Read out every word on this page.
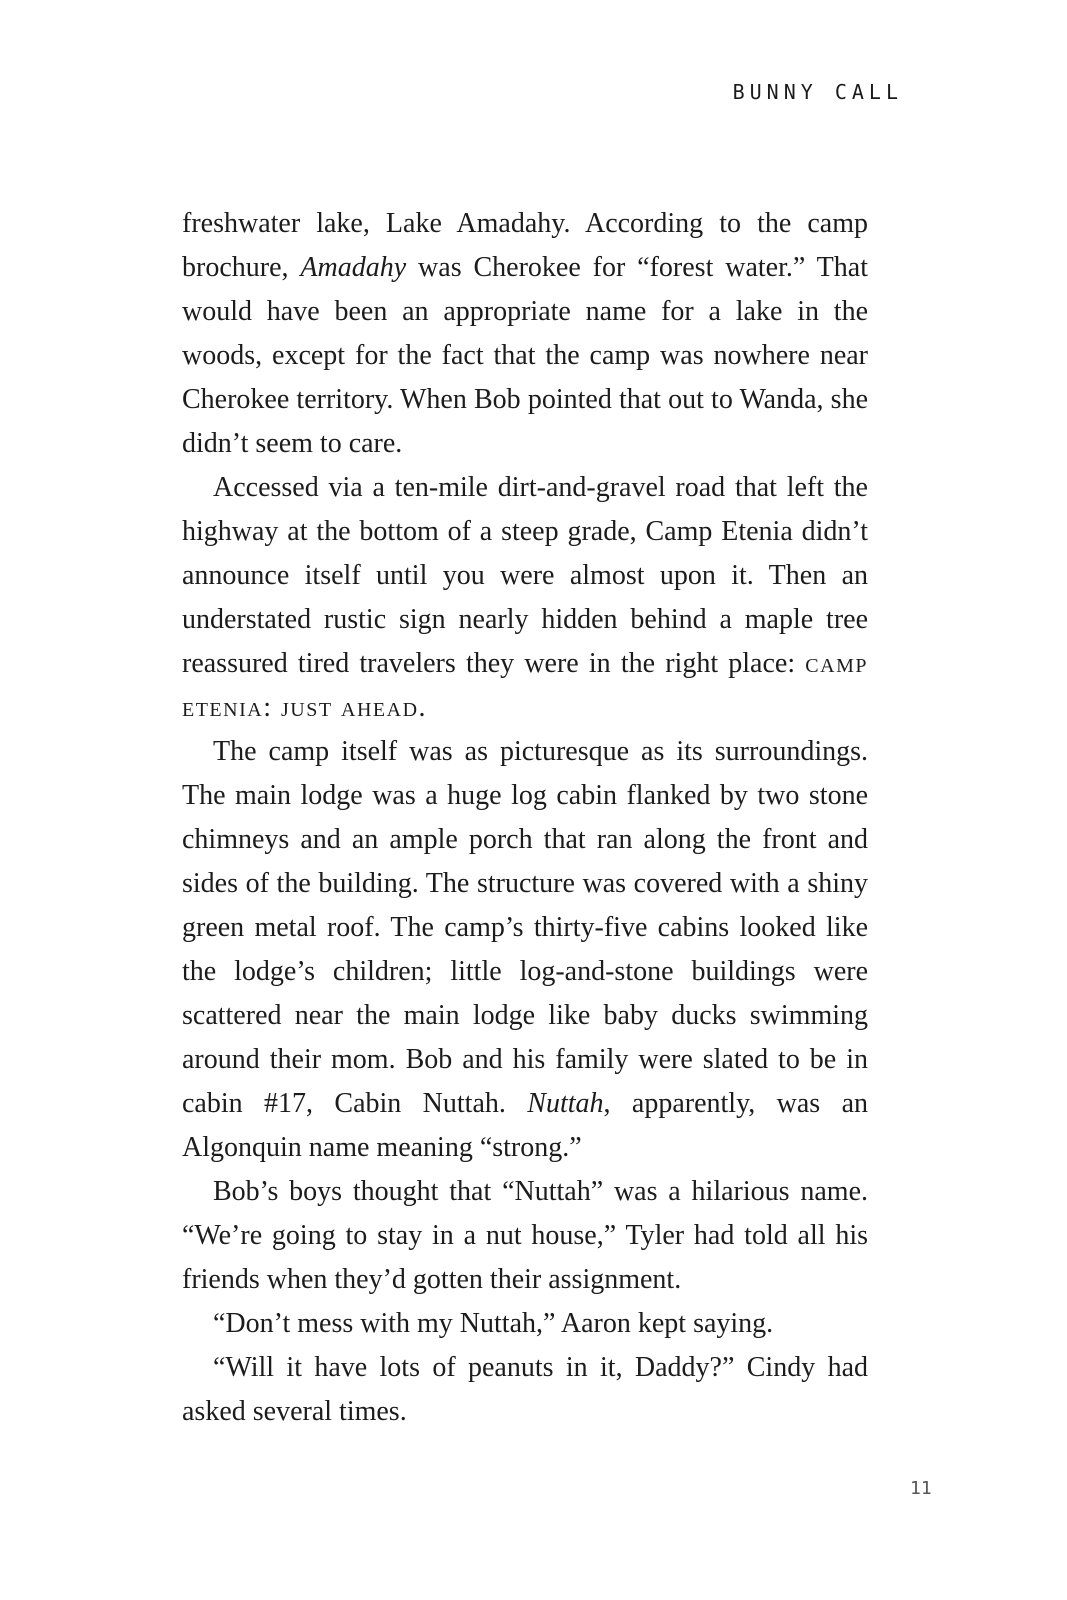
BUNNY CALL

freshwater lake, Lake Amadahy. According to the camp brochure, Amadahy was Cherokee for “forest water.” That would have been an appropriate name for a lake in the woods, except for the fact that the camp was nowhere near Cherokee territory. When Bob pointed that out to Wanda, she didn’t seem to care.

Accessed via a ten-mile dirt-and-gravel road that left the highway at the bottom of a steep grade, Camp Etenia didn’t announce itself until you were almost upon it. Then an understated rustic sign nearly hidden behind a maple tree reassured tired travelers they were in the right place: camp etenia: just ahead.

The camp itself was as picturesque as its surroundings. The main lodge was a huge log cabin flanked by two stone chimneys and an ample porch that ran along the front and sides of the building. The structure was covered with a shiny green metal roof. The camp’s thirty-five cabins looked like the lodge’s children; little log-and-stone buildings were scattered near the main lodge like baby ducks swimming around their mom. Bob and his family were slated to be in cabin #17, Cabin Nuttah. Nuttah, apparently, was an Algonquin name meaning “strong.”

Bob’s boys thought that “Nuttah” was a hilarious name. “We’re going to stay in a nut house,” Tyler had told all his friends when they’d gotten their assignment.

“Don’t mess with my Nuttah,” Aaron kept saying.

“Will it have lots of peanuts in it, Daddy?” Cindy had asked several times.

11
